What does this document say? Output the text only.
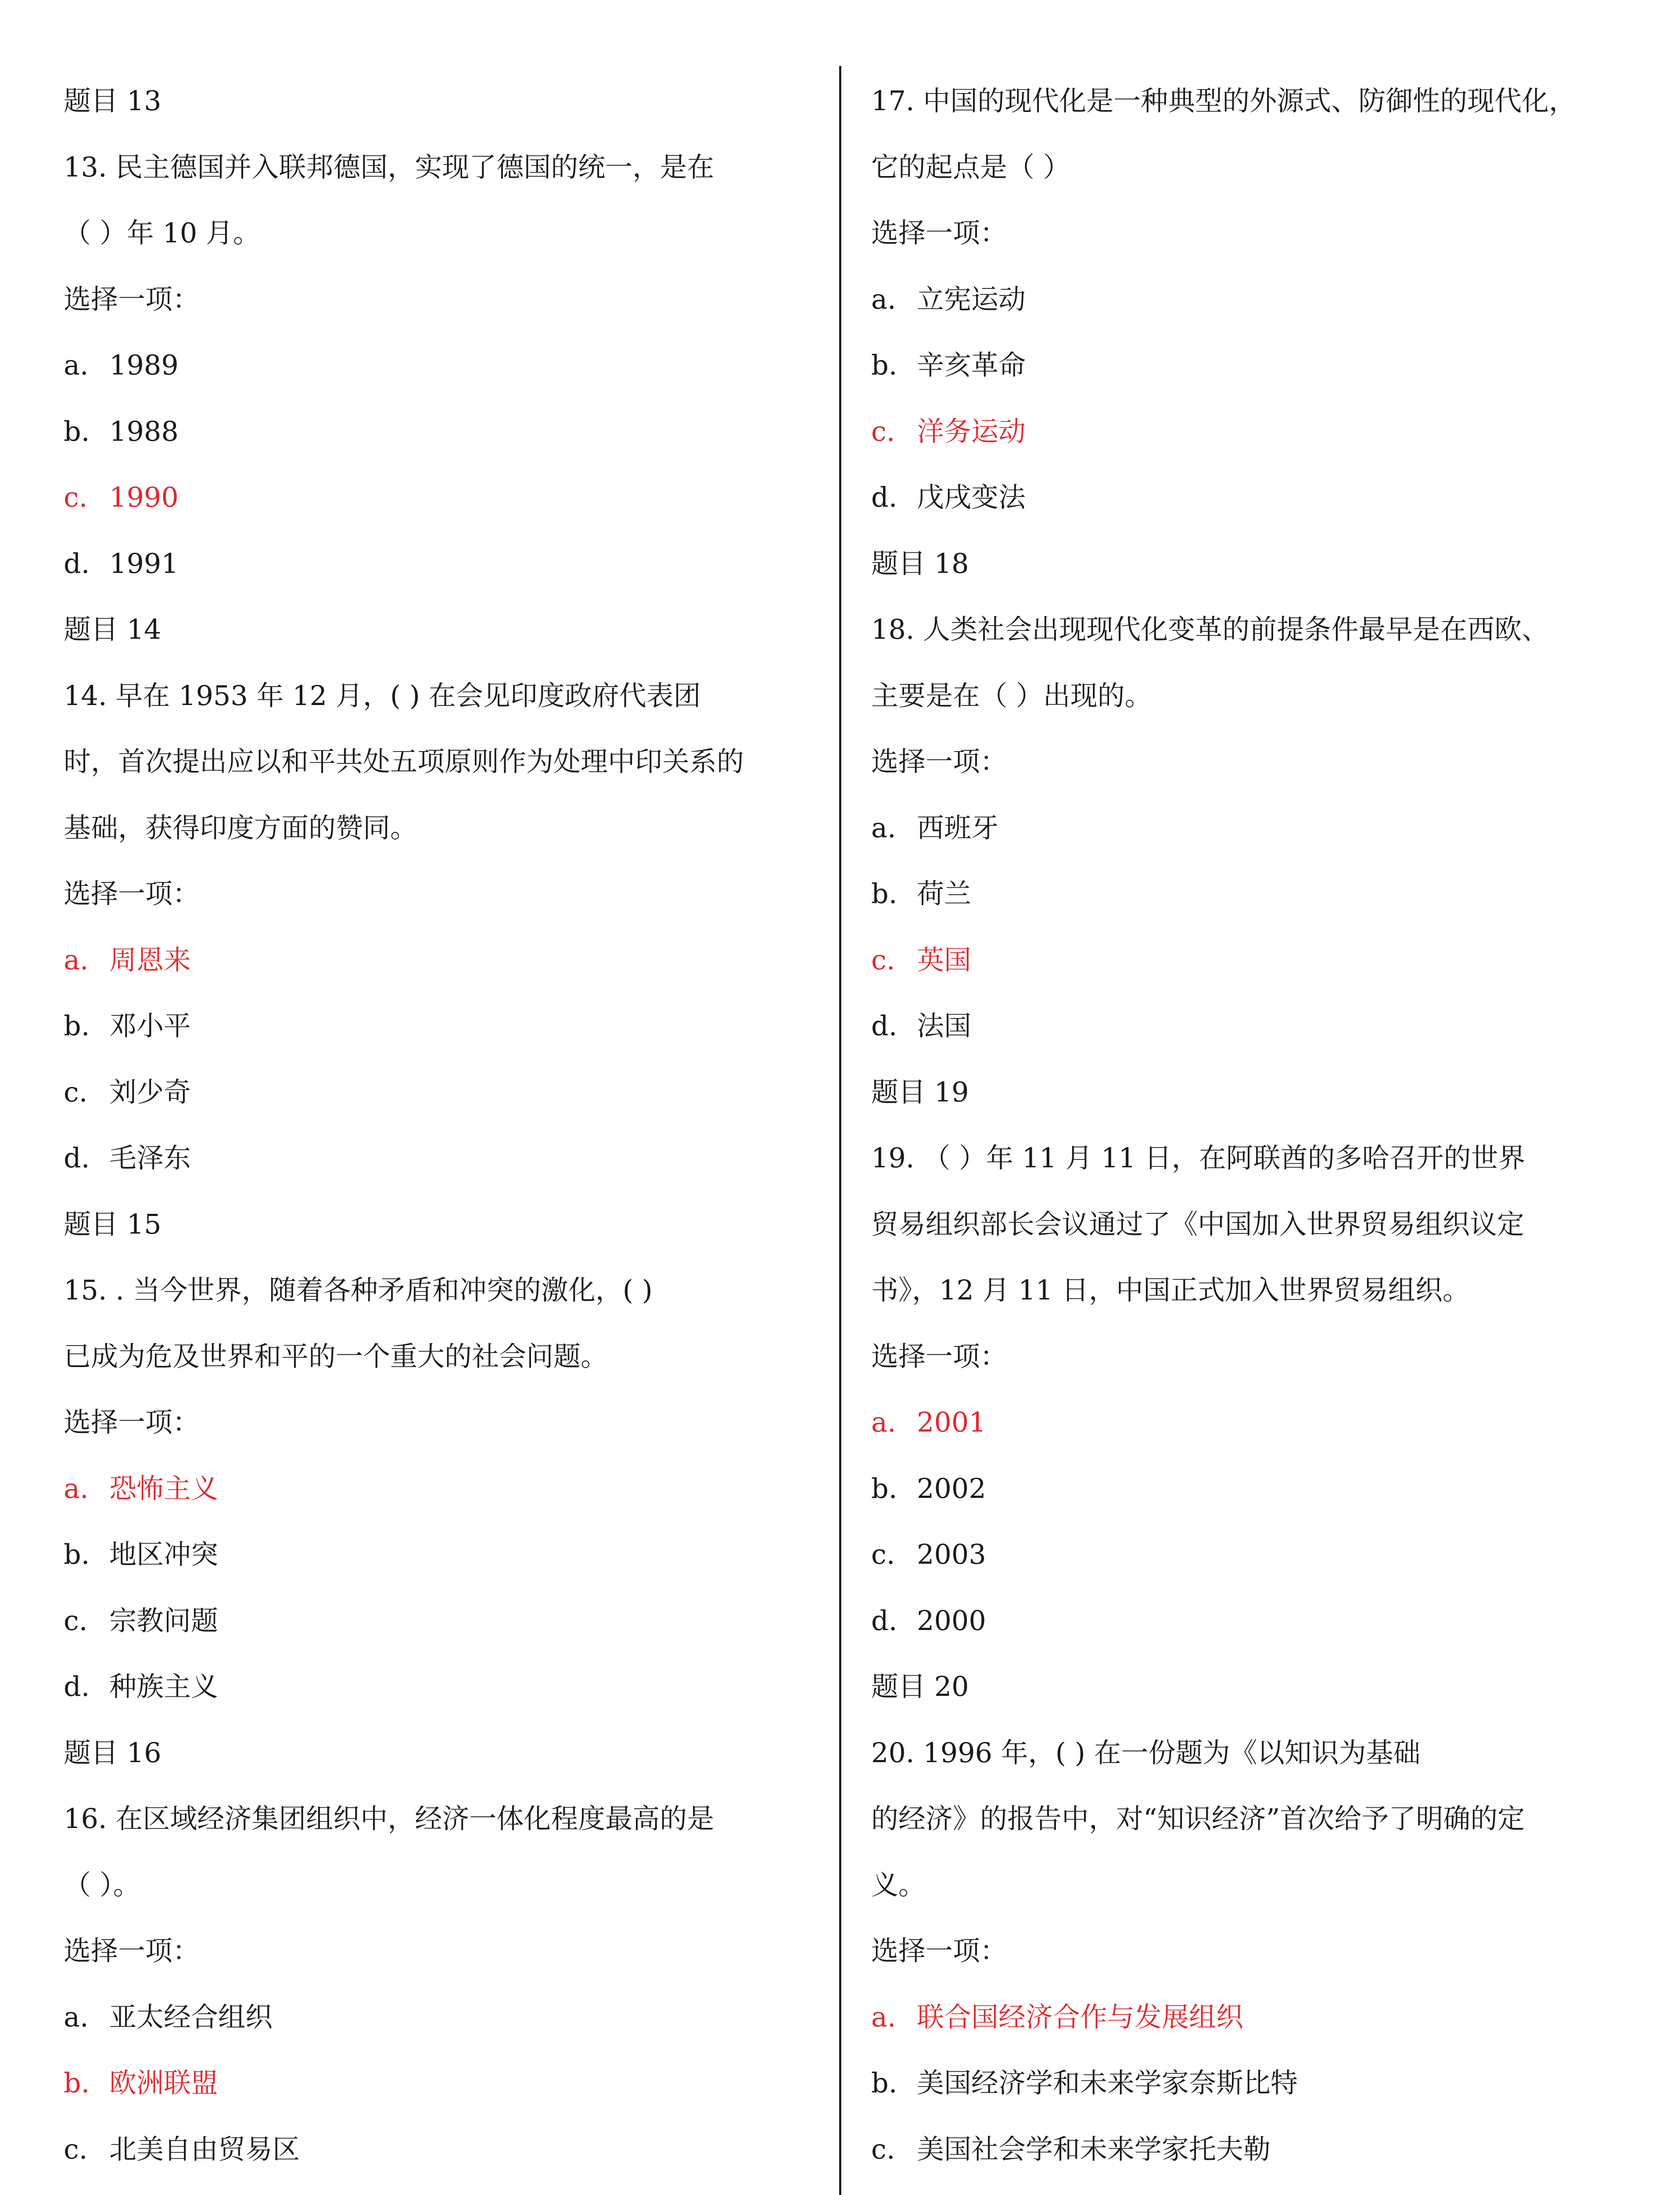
题目 13
13. 民主德国并入联邦德国，实现了德国的统一，是在
（ ）年 10 月。
选择一项：
a. 1989
b. 1988
c. 1990
d. 1991
题目 14
14. 早在 1953 年 12 月，( ) 在会见印度政府代表团
时，首次提出应以和平共处五项原则作为处理中印关系的
基础，获得印度方面的赞同。
选择一项：
a. 周恩来
b. 邓小平
c. 刘少奇
d. 毛泽东
题目 15
15. . 当今世界，随着各种矛盾和冲突的激化，( )
已成为危及世界和平的一个重大的社会问题。
选择一项：
a. 恐怖主义
b. 地区冲突
c. 宗教问题
d. 种族主义
题目 16
16. 在区域经济集团组织中，经济一体化程度最高的是
（ ）。
选择一项：
a. 亚太经合组织
b. 欧洲联盟
c. 北美自由贸易区
17. 中国的现代化是一种典型的外源式、防御性的现代化，
它的起点是（ ）
选择一项：
a. 立宪运动
b. 辛亥革命
c. 洋务运动
d. 戊戌变法
题目 18
18. 人类社会出现现代化变革的前提条件最早是在西欧、
主要是在（ ）出现的。
选择一项：
a. 西班牙
b. 荷兰
c. 英国
d. 法国
题目 19
19. （ ）年 11 月 11 日，在阿联酋的多哈召开的世界
贸易组织部长会议通过了《中国加入世界贸易组织议定
书》，12 月 11 日，中国正式加入世界贸易组织。
选择一项：
a. 2001
b. 2002
c. 2003
d. 2000
题目 20
20. 1996 年，( ) 在一份题为《以知识为基础
的经济》的报告中，对“知识经济”首次给予了明确的定
义。
选择一项：
a. 联合国经济合作与发展组织
b. 美国经济学和未来学家奈斯比特
c. 美国社会学和未来学家托夫勒
